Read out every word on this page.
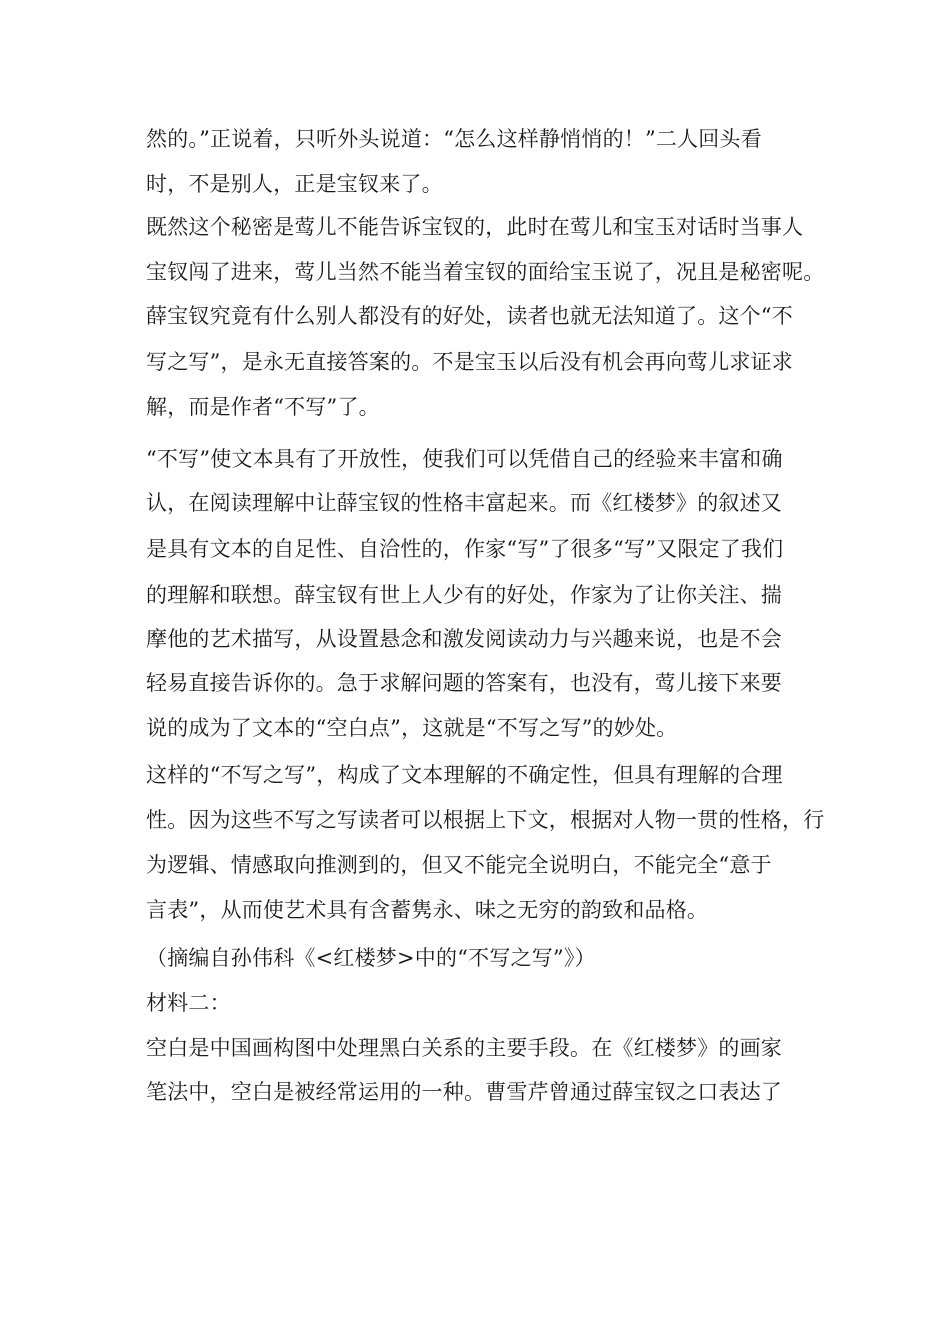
然的。”正说着，只听外头说道：“怎么这样静悄悄的！”二人回头看
时，不是别人，正是宝钗来了。
既然这个秘密是莺儿不能告诉宝钗的，此时在莺儿和宝玉对话时当事人
宝钗闯了进来，莺儿当然不能当着宝钗的面给宝玉说了，况且是秘密呢。
薛宝钗究竟有什么别人都没有的好处，读者也就无法知道了。这个“不
写之写”，是永无直接答案的。不是宝玉以后没有机会再向莺儿求证求
解，而是作者“不写”了。
“不写”使文本具有了开放性，使我们可以凭借自己的经验来丰富和确
认，在阅读理解中让薛宝钗的性格丰富起来。而《红楼梦》的叙述又
是具有文本的自足性、自洽性的，作家“写”了很多“写”又限定了我们
的理解和联想。薛宝钗有世上人少有的好处，作家为了让你关注、揣
摩他的艺术描写，从设置悬念和激发阅读动力与兴趣来说，也是不会
轻易直接告诉你的。急于求解问题的答案有，也没有，莺儿接下来要
说的成为了文本的“空白点”，这就是“不写之写”的妙处。
这样的“不写之写”，构成了文本理解的不确定性，但具有理解的合理
性。因为这些不写之写读者可以根据上下文，根据对人物一贯的性格，行
为逻辑、情感取向推测到的，但又不能完全说明白，不能完全“意于
言表”，从而使艺术具有含蓄隽永、味之无穷的韵致和品格。
（摘编自孙伟科《<红楼梦>中的“不写之写”》）
材料二：
空白是中国画构图中处理黑白关系的主要手段。在《红楼梦》的画家
笔法中，空白是被经常运用的一种。曹雪芹曾通过薛宝钗之口表达了
